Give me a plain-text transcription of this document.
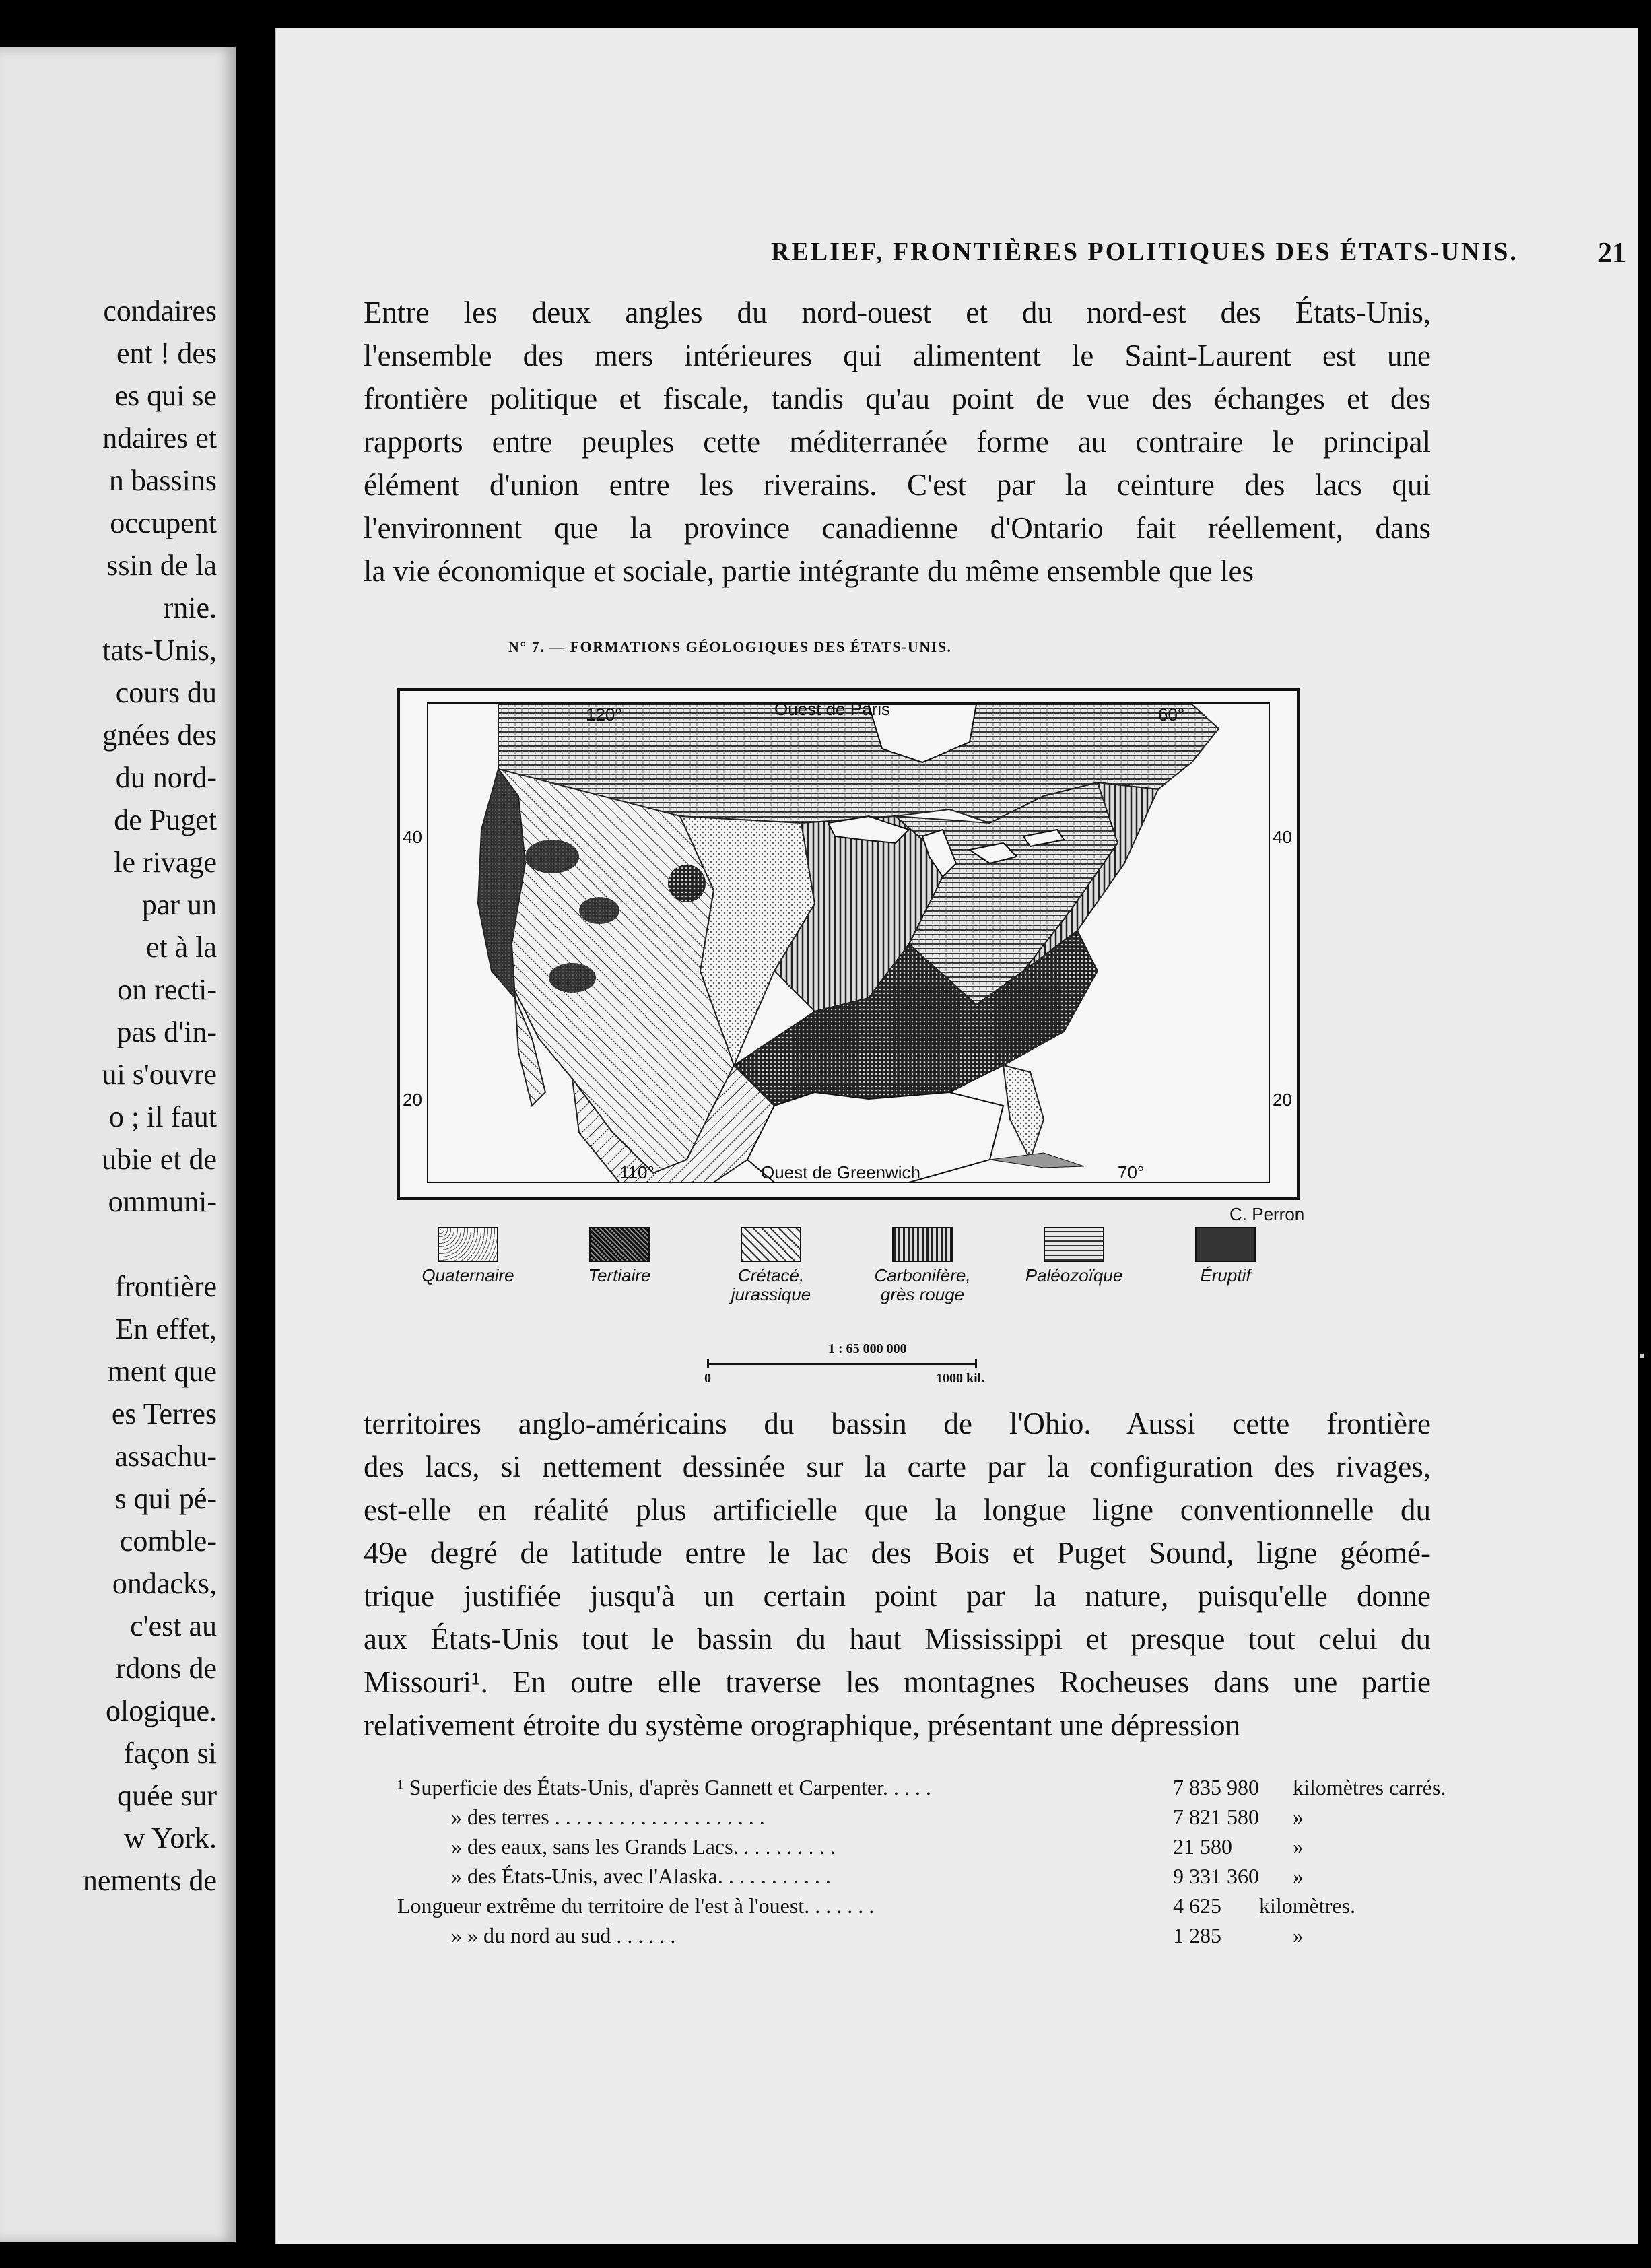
condaires
ent ! des
es qui se
ndaires et
n bassins
occupent
ssin de la
rnie.
tats-Unis,
cours du
gnées des
du nord-
de Puget
le rivage
par un
et à la
on recti-
pas d'in-
ui s'ouvre
o ; il faut
ubie et de
ommuni-
frontière
En effet,
ment que
es Terres
assachu-
s qui pé-
comble-
ondacks,
c'est au
rdons de
ologique.
façon si
quée sur
w York.
nements de
RELIEF, FRONTIÈRES POLITIQUES DES ÉTATS-UNIS.	21
Entre les deux angles du nord-ouest et du nord-est des États-Unis,
l'ensemble des mers intérieures qui alimentent le Saint-Laurent est une
frontière politique et fiscale, tandis qu'au point de vue des échanges et des
rapports entre peuples cette méditerranée forme au contraire le principal
élément d'union entre les riverains. C'est par la ceinture des lacs qui
l'environnent que la province canadienne d'Ontario fait réellement, dans
la vie économique et sociale, partie intégrante du même ensemble que les
N° 7. — FORMATIONS GÉOLOGIQUES DES ÉTATS-UNIS.
120°	Ouest de Paris	60°
110°	Ouest de Greenwich	70°
40
20
40
20
C. Perron
Quaternaire	Tertiaire	Crétacé, jurassique
Carbonifère, grès rouge
Paléozoïque	Éruptif
1 : 65 000 000
0	1000 kil.
territoires anglo-américains du bassin de l'Ohio. Aussi cette frontière
des lacs, si nettement dessinée sur la carte par la configuration des rivages,
est-elle en réalité plus artificielle que la longue ligne conventionnelle du
49e degré de latitude entre le lac des Bois et Puget Sound, ligne géomé-
trique justifiée jusqu'à un certain point par la nature, puisqu'elle donne
aux États-Unis tout le bassin du haut Mississippi et presque tout celui du
Missouri¹. En outre elle traverse les montagnes Rocheuses dans une partie
relativement étroite du système orographique, présentant une dépression
¹ Superficie des États-Unis, d'après Gannett et Carpenter. . . . .	7 835 980 kilomètres carrés.
» des terres . . . . . . . . . . . . . . . . . . . .	7 821 580 »
» des eaux, sans les Grands Lacs. . . . . . . . . .	21 580	»
» des États-Unis, avec l'Alaska. . . . . . . . . . .	9 331 360 »
Longueur extrême du territoire de l'est à l'ouest. . . . . . .	4 625 kilomètres.
» » du nord au sud . . . . . .	1 285	»
